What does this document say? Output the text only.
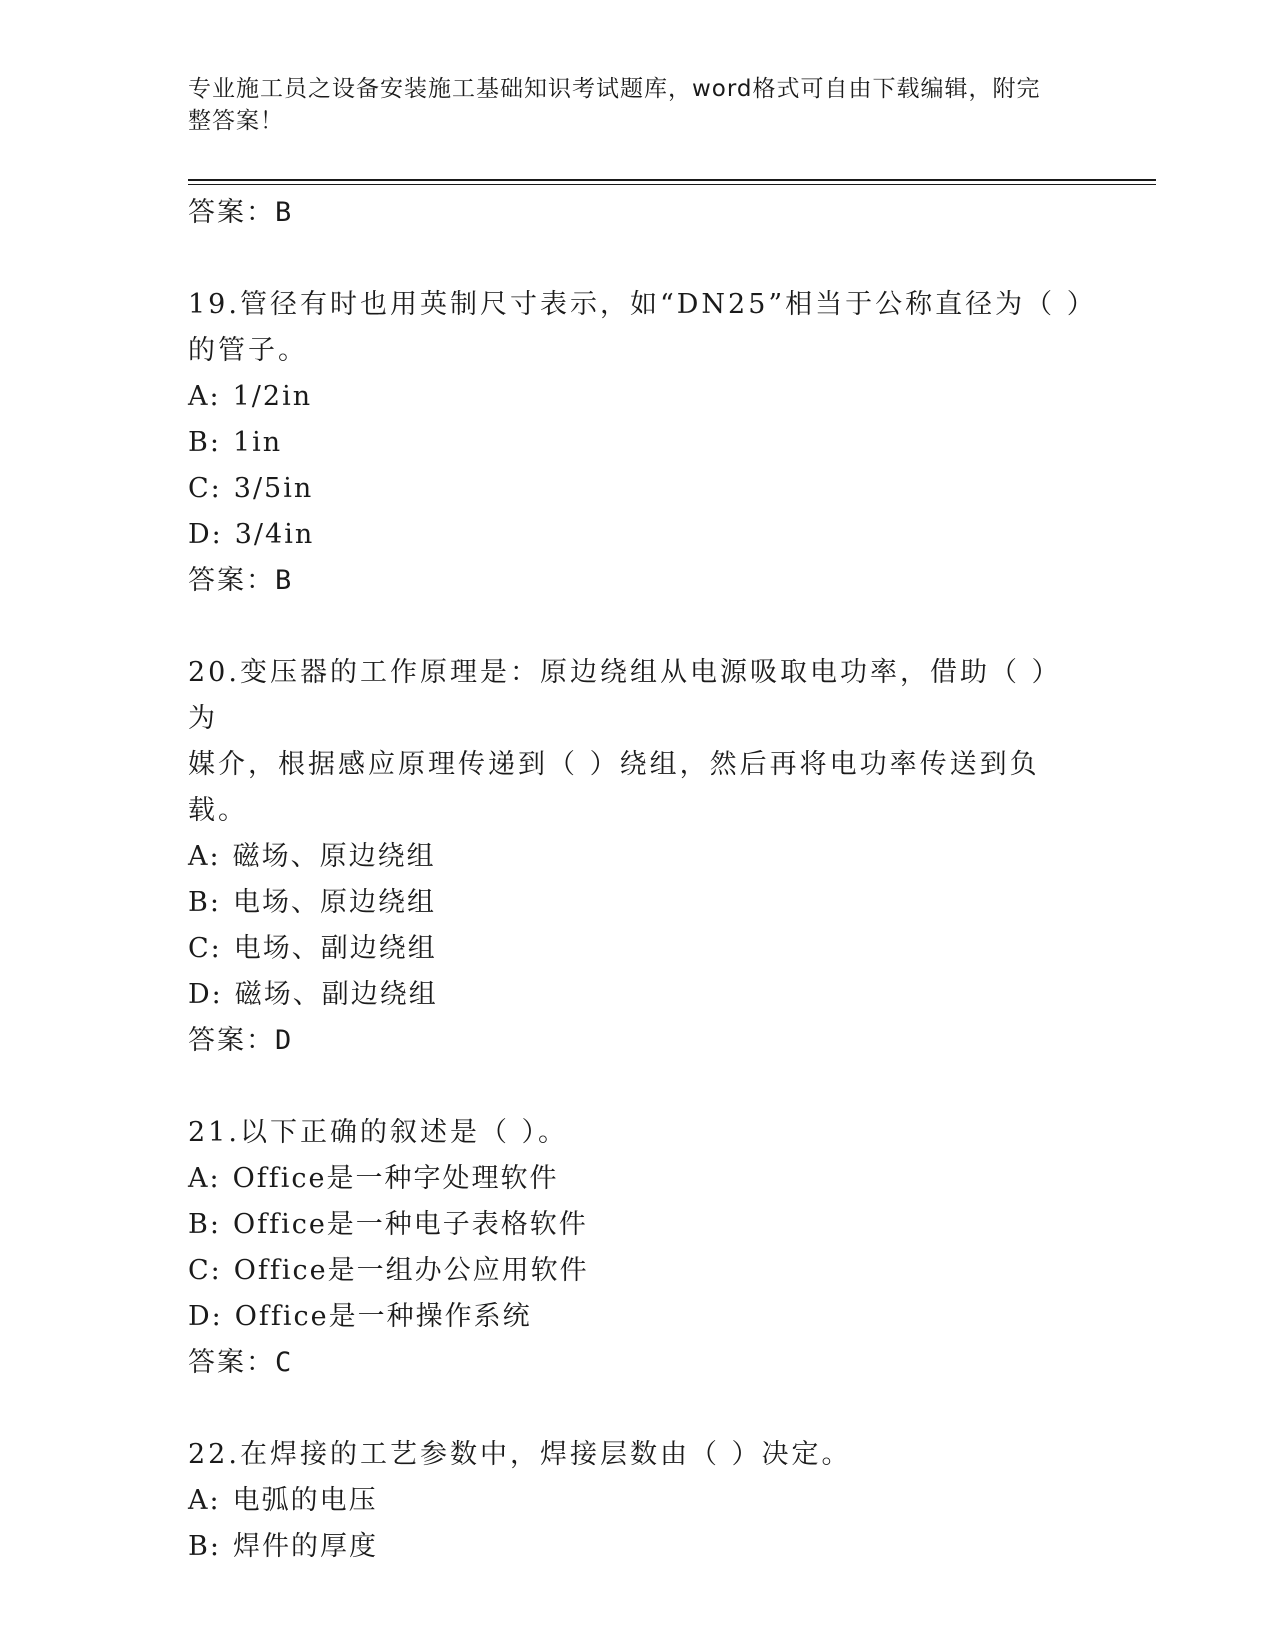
专业施工员之设备安装施工基础知识考试题库，word格式可自由下载编辑，附完
整答案！
答案：B
19.管径有时也用英制尺寸表示，如“DN25”相当于公称直径为（ ）
的管子。
A: 1/2in
B: 1in
C: 3/5in
D: 3/4in
答案：B
20.变压器的工作原理是：原边绕组从电源吸取电功率，借助（ ）为
媒介，根据感应原理传递到（ ）绕组，然后再将电功率传送到负载。
A: 磁场、原边绕组
B: 电场、原边绕组
C: 电场、副边绕组
D: 磁场、副边绕组
答案：D
21.以下正确的叙述是（ ）。
A: Office是一种字处理软件
B: Office是一种电子表格软件
C: Office是一组办公应用软件
D: Office是一种操作系统
答案：C
22.在焊接的工艺参数中，焊接层数由（ ）决定。
A: 电弧的电压
B: 焊件的厚度
